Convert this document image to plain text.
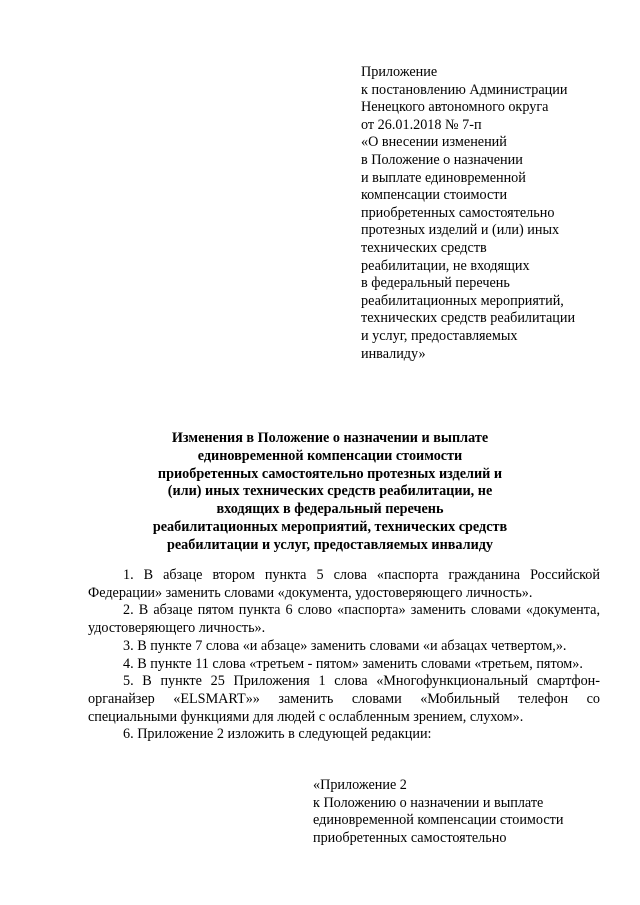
Приложение
к постановлению Администрации
Ненецкого автономного округа
от 26.01.2018 № 7-п
«О внесении изменений
в Положение о назначении
и выплате единовременной
компенсации стоимости
приобретенных самостоятельно
протезных изделий и (или) иных
технических средств
реабилитации, не входящих
в федеральный перечень
реабилитационных мероприятий,
технических средств реабилитации
и услуг, предоставляемых
инвалиду»
Изменения в Положение о назначении и выплате
единовременной компенсации стоимости
приобретенных самостоятельно протезных изделий и
(или) иных технических средств реабилитации, не
входящих в федеральный перечень
реабилитационных мероприятий, технических средств
реабилитации и услуг, предоставляемых инвалиду

1. В абзаце втором пункта 5 слова «паспорта гражданина Российской Федерации» заменить словами «документа, удостоверяющего личность».

2. В абзаце пятом пункта 6 слово «паспорта» заменить словами «документа, удостоверяющего личность».

3. В пункте 7 слова «и абзаце» заменить словами «и абзацах четвертом,».

4. В пункте 11 слова «третьем - пятом» заменить словами «третьем, пятом».

5. В пункте 25 Приложения 1 слова «Многофункциональный смартфон-органайзер «ELSMART»» заменить словами «Мобильный телефон со специальными функциями для людей с ослабленным зрением, слухом».

6. Приложение 2 изложить в следующей редакции:

«Приложение 2
к Положению о назначении и выплате
единовременной компенсации стоимости
приобретенных самостоятельно
